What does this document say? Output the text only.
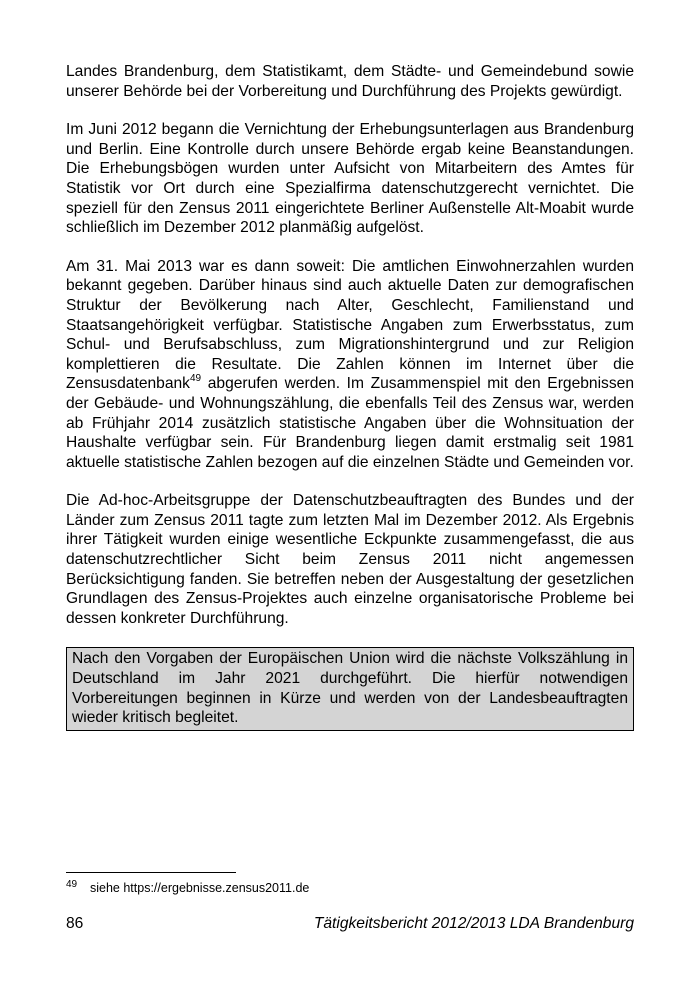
Landes Brandenburg, dem Statistikamt, dem Städte- und Gemeindebund sowie unserer Behörde bei der Vorbereitung und Durchführung des Projekts gewürdigt.

Im Juni 2012 begann die Vernichtung der Erhebungsunterlagen aus Brandenburg und Berlin. Eine Kontrolle durch unsere Behörde ergab keine Beanstandungen. Die Erhebungsbögen wurden unter Aufsicht von Mitarbeitern des Amtes für Statistik vor Ort durch eine Spezialfirma datenschutzgerecht vernichtet. Die speziell für den Zensus 2011 eingerichtete Berliner Außenstelle Alt-Moabit wurde schließlich im Dezember 2012 planmäßig aufgelöst.

Am 31. Mai 2013 war es dann soweit: Die amtlichen Einwohnerzahlen wurden bekannt gegeben. Darüber hinaus sind auch aktuelle Daten zur demografischen Struktur der Bevölkerung nach Alter, Geschlecht, Familienstand und Staatsangehörigkeit verfügbar. Statistische Angaben zum Erwerbsstatus, zum Schul- und Berufsabschluss, zum Migrationshintergrund und zur Religion komplettieren die Resultate. Die Zahlen können im Internet über die Zensusdatenbank$^{49}$ abgerufen werden. Im Zusammenspiel mit den Ergebnissen der Gebäude- und Wohnungszählung, die ebenfalls Teil des Zensus war, werden ab Frühjahr 2014 zusätzlich statistische Angaben über die Wohnsituation der Haushalte verfügbar sein. Für Brandenburg liegen damit erstmalig seit 1981 aktuelle statistische Zahlen bezogen auf die einzelnen Städte und Gemeinden vor.

Die Ad-hoc-Arbeitsgruppe der Datenschutzbeauftragten des Bundes und der Länder zum Zensus 2011 tagte zum letzten Mal im Dezember 2012. Als Ergebnis ihrer Tätigkeit wurden einige wesentliche Eckpunkte zusammengefasst, die aus datenschutzrechtlicher Sicht beim Zensus 2011 nicht angemessen Berücksichtigung fanden. Sie betreffen neben der Ausgestaltung der gesetzlichen Grundlagen des Zensus-Projektes auch einzelne organisatorische Probleme bei dessen konkreter Durchführung.

Nach den Vorgaben der Europäischen Union wird die nächste Volkszählung in Deutschland im Jahr 2021 durchgeführt. Die hierfür notwendigen Vorbereitungen beginnen in Kürze und werden von der Landesbeauftragten wieder kritisch begleitet.
49 siehe https://ergebnisse.zensus2011.de
86	Tätigkeitsbericht 2012/2013 LDA Brandenburg
